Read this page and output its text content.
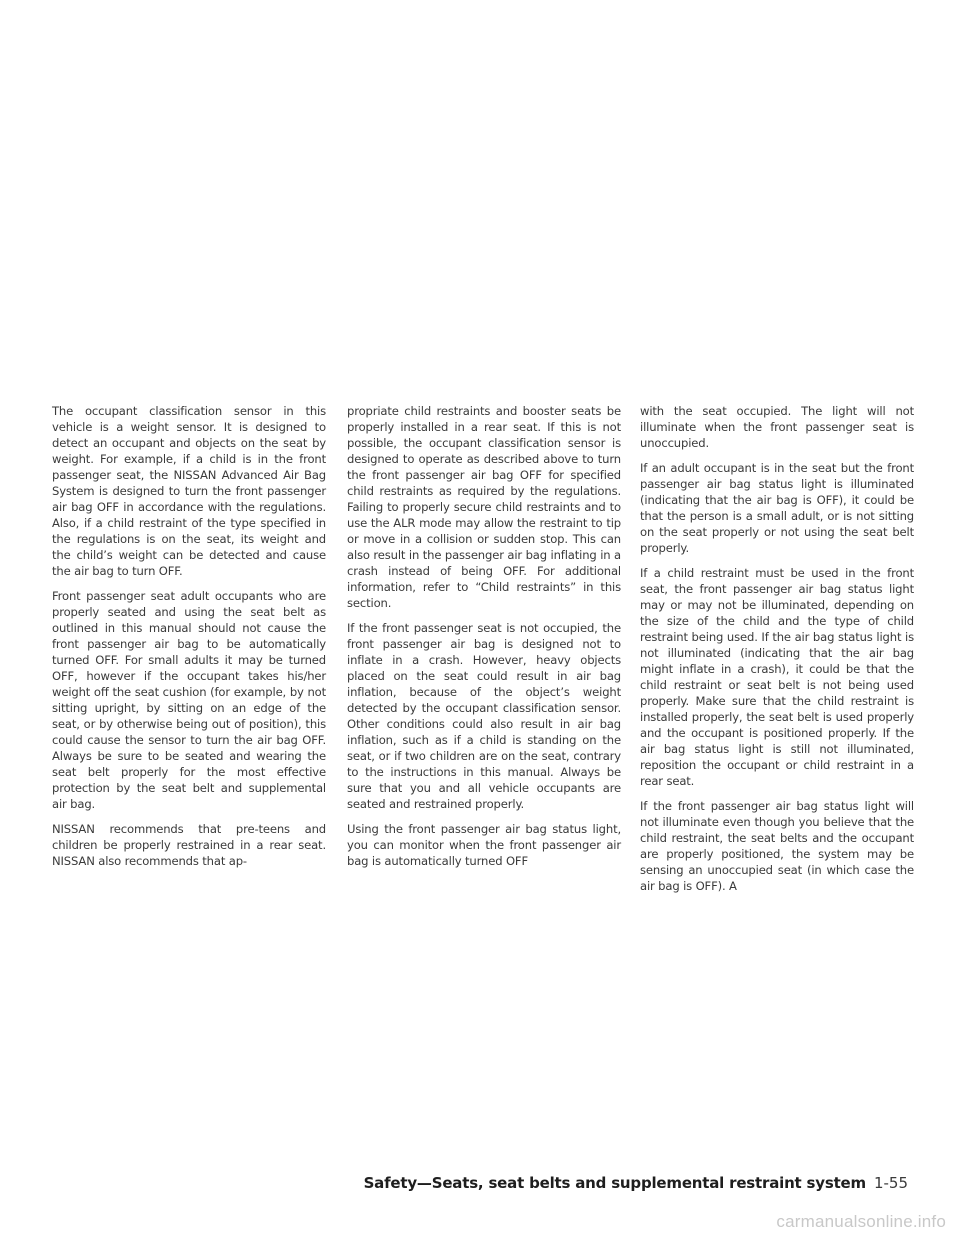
The occupant classification sensor in this vehicle is a weight sensor. It is designed to detect an occupant and objects on the seat by weight. For example, if a child is in the front passenger seat, the NISSAN Advanced Air Bag System is designed to turn the front passenger air bag OFF in accordance with the regulations. Also, if a child restraint of the type specified in the regulations is on the seat, its weight and the child’s weight can be detected and cause the air bag to turn OFF.

Front passenger seat adult occupants who are properly seated and using the seat belt as outlined in this manual should not cause the front passenger air bag to be automatically turned OFF. For small adults it may be turned OFF, however if the occupant takes his/her weight off the seat cushion (for example, by not sitting upright, by sitting on an edge of the seat, or by otherwise being out of position), this could cause the sensor to turn the air bag OFF. Always be sure to be seated and wearing the seat belt properly for the most effective protection by the seat belt and supplemental air bag.

NISSAN recommends that pre-teens and children be properly restrained in a rear seat. NISSAN also recommends that ap-

propriate child restraints and booster seats be properly installed in a rear seat. If this is not possible, the occupant classification sensor is designed to operate as described above to turn the front passenger air bag OFF for specified child restraints as required by the regulations. Failing to properly secure child restraints and to use the ALR mode may allow the restraint to tip or move in a collision or sudden stop. This can also result in the passenger air bag inflating in a crash instead of being OFF. For additional information, refer to “Child restraints” in this section.

If the front passenger seat is not occupied, the front passenger air bag is designed not to inflate in a crash. However, heavy objects placed on the seat could result in air bag inflation, because of the object’s weight detected by the occupant classification sensor. Other conditions could also result in air bag inflation, such as if a child is standing on the seat, or if two children are on the seat, contrary to the instructions in this manual. Always be sure that you and all vehicle occupants are seated and restrained properly.

Using the front passenger air bag status light, you can monitor when the front passenger air bag is automatically turned OFF

with the seat occupied. The light will not illuminate when the front passenger seat is unoccupied.

If an adult occupant is in the seat but the front passenger air bag status light is illuminated (indicating that the air bag is OFF), it could be that the person is a small adult, or is not sitting on the seat properly or not using the seat belt properly.

If a child restraint must be used in the front seat, the front passenger air bag status light may or may not be illuminated, depending on the size of the child and the type of child restraint being used. If the air bag status light is not illuminated (indicating that the air bag might inflate in a crash), it could be that the child restraint or seat belt is not being used properly. Make sure that the child restraint is installed properly, the seat belt is used properly and the occupant is positioned properly. If the air bag status light is still not illuminated, reposition the occupant or child restraint in a rear seat.

If the front passenger air bag status light will not illuminate even though you believe that the child restraint, the seat belts and the occupant are properly positioned, the system may be sensing an unoccupied seat (in which case the air bag is OFF). A

Safety—Seats, seat belts and supplemental restraint system 1-55
carmanualsonline.info
